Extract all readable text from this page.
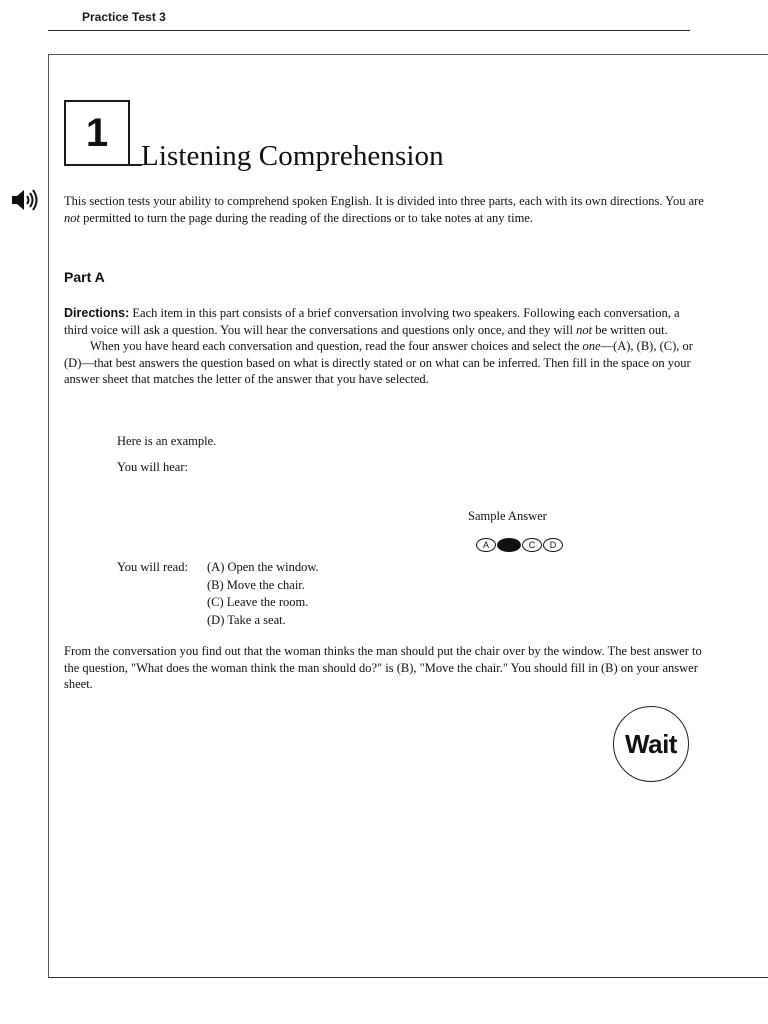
Practice Test 3
1
Listening Comprehension
This section tests your ability to comprehend spoken English. It is divided into three parts, each with its own directions. You are not permitted to turn the page during the reading of the directions or to take notes at any time.
Part A
Directions: Each item in this part consists of a brief conversation involving two speakers. Following each conversation, a third voice will ask a question. You will hear the conversations and questions only once, and they will not be written out.
When you have heard each conversation and question, read the four answer choices and select the one—(A), (B), (C), or (D)—that best answers the question based on what is directly stated or on what can be inferred. Then fill in the space on your answer sheet that matches the letter of the answer that you have selected.
Here is an example.
You will hear:
Sample Answer
A	C	D
You will read: (A) Open the window.
(B) Move the chair.
(C) Leave the room.
(D) Take a seat.
From the conversation you find out that the woman thinks the man should put the chair over by the window. The best answer to the question, "What does the woman think the man should do?" is (B), "Move the chair." You should fill in (B) on your answer sheet.
Wait
